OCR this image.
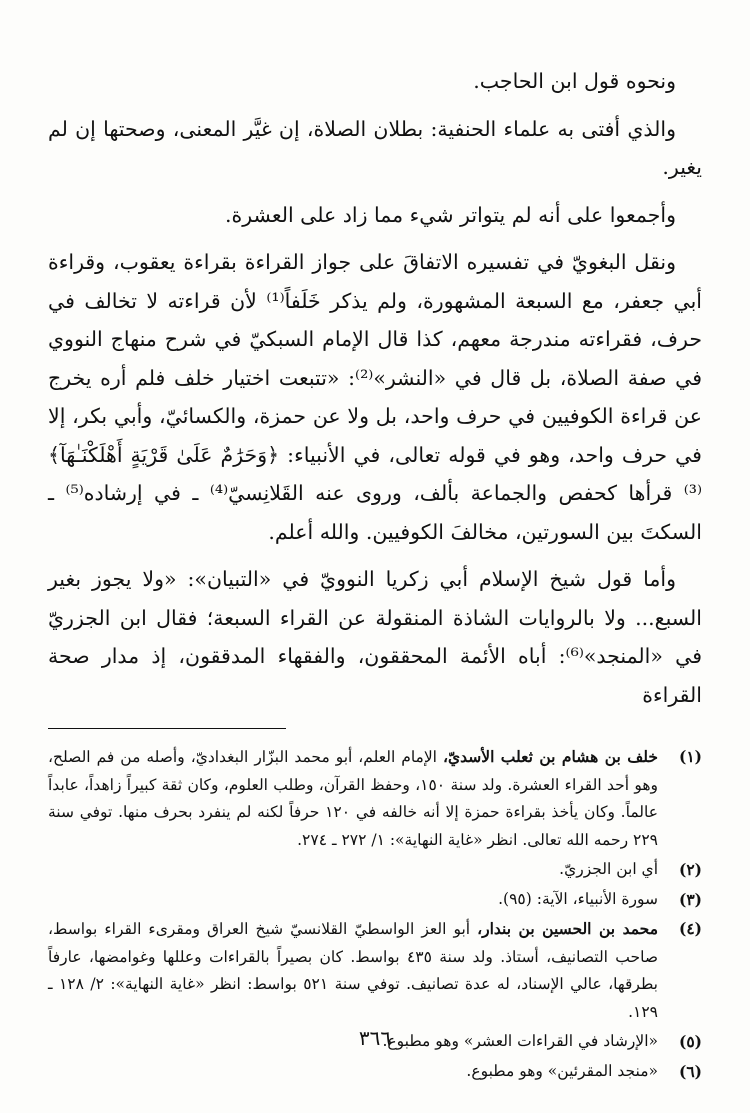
ونحوه قول ابن الحاجب.

والذي أفتى به علماء الحنفية: بطلان الصلاة، إن غيَّر المعنى، وصحتها إن لم يغير.

وأجمعوا على أنه لم يتواتر شيء مما زاد على العشرة.

ونقل البغويّ في تفسيره الاتفاقَ على جواز القراءة بقراءة يعقوب، وقراءة أبي جعفر، مع السبعة المشهورة، ولم يذكر خَلَفاً⁽¹⁾ لأن قراءته لا تخالف في حرف، فقراءته مندرجة معهم، كذا قال الإمام السبكيّ في شرح منهاج النووي في صفة الصلاة، بل قال في «النشر»⁽²⁾: «تتبعت اختيار خلف فلم أره يخرج عن قراءة الكوفيين في حرف واحد، بل ولا عن حمزة، والكسائيّ، وأبي بكر، إلا في حرف واحد، وهو في قوله تعالى، في الأنبياء: ﴿وَحَرَٰمٌ عَلَىٰ قَرْيَةٍ أَهْلَكْنَـٰهَآ﴾⁽³⁾ قرأها كحفص والجماعة بألف، وروى عنه القَلانِسيّ⁽⁴⁾ ـ في إرشاده⁽⁵⁾ ـ السكتَ بين السورتين، مخالفَ الكوفيين. والله أعلم.

وأما قول شيخ الإسلام أبي زكريا النوويّ في «التبيان»: «ولا يجوز بغير السبع... ولا بالروايات الشاذة المنقولة عن القراء السبعة؛ فقال ابن الجزريّ في «المنجد»⁽⁶⁾: أباه الأئمة المحققون، والفقهاء المدققون، إذ مدار صحة القراءة

(١)
خلف بن هشام بن ثعلب الأسديّ، الإمام العلم، أبو محمد البزّار البغداديّ، وأصله من فم الصلح، وهو أحد القراء العشرة. ولد سنة ١٥٠، وحفظ القرآن، وطلب العلوم، وكان ثقة كبيراً زاهداً، عابداً عالماً. وكان يأخذ بقراءة حمزة إلا أنه خالفه في ١٢٠ حرفاً لكنه لم ينفرد بحرف منها. توفي سنة ٢٢٩ رحمه الله تعالى. انظر «غاية النهاية»: ١/ ٢٧٢ ـ ٢٧٤.
(٢)
أي ابن الجزريّ.
(٣)
سورة الأنبياء، الآية: (٩٥).
(٤)
محمد بن الحسين بن بندار، أبو العز الواسطيّ القلانسيّ شيخ العراق ومقرىء القراء بواسط، صاحب التصانيف، أستاذ. ولد سنة ٤٣٥ بواسط. كان بصيراً بالقراءات وعللها وغوامضها، عارفاً بطرقها، عالي الإسناد، له عدة تصانيف. توفي سنة ٥٢١ بواسط: انظر «غاية النهاية»: ٢/ ١٢٨ ـ ١٢٩.
(٥)
«الإرشاد في القراءات العشر» وهو مطبوع.
(٦)
«منجد المقرئين» وهو مطبوع.
٣٦٦
